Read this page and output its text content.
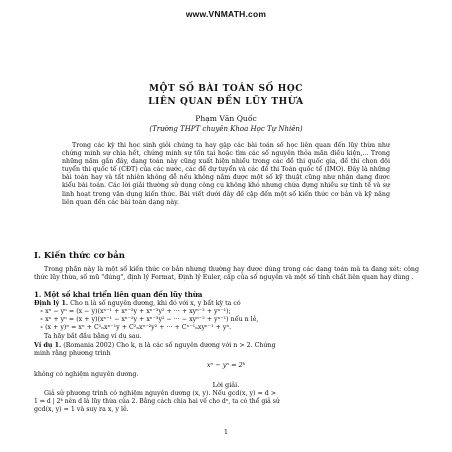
www.VNMATH.com
MỘT SỐ BÀI TOÁN SỐ HỌC
LIÊN QUAN ĐẾN LŨY THỪA
Phạm Văn Quốc
(Trường THPT chuyên Khoa Học Tự Nhiên)
Trong các kỳ thi học sinh giỏi chúng ta hay gặp các bài toán số học liên quan đến lũy thừa như chứng minh sự chia hết, chứng minh sự tồn tại hoặc tìm các số nguyên thỏa mãn điều kiện,... Trong những năm gần đây, dạng toán này cũng xuất hiện nhiều trong các đề thi quốc gia, đề thi chọn đội tuyển thi quốc tế (CĐT) của các nước, các đề dự tuyển và các đề thi Toán quốc tế (IMO). Đây là những bài toán hay và tất nhiên không dễ nếu không nắm được một số kỹ thuật cũng như nhận dạng được kiểu bài toán. Các lời giải thường sử dụng công cụ không khó nhưng chứa đựng nhiều sự tinh tế và sự linh hoạt trong vận dụng kiến thức. Bài viết dưới đây đề cập đến một số kiến thức cơ bản và kỹ năng liên quan đến các bài toán dạng này.
I. Kiến thức cơ bản
Trong phần này là một số kiến thức cơ bản nhưng thường hay được dùng trong các dạng toán mà ta đang xét: công thức lũy thừa, số mũ "đúng", định lý Fermat, Định lý Euler, cấp của số nguyên và một số tính chất liên quan hay dùng .
1. Một số khai triển liên quan đến lũy thừa
Định lý 1. Cho n là số nguyên dương, khi đó với x, y bất kỳ ta có
∘ xⁿ − yⁿ = (x − y)(xⁿ⁻¹ + xⁿ⁻²y + xⁿ⁻³y² + ··· + xyⁿ⁻² + yⁿ⁻¹);
∘ xⁿ + yⁿ = (x + y)(xⁿ⁻¹ − xⁿ⁻²y + xⁿ⁻³y² − ··· − xyⁿ⁻² + yⁿ⁻¹) nếu n lẻ,
∘ (x + y)ⁿ = xⁿ + C¹ₙxⁿ⁻¹y + C²ₙxⁿ⁻²y² + ··· + Cⁿ⁻¹ₙxyⁿ⁻¹ + yⁿ.
Ta hãy bắt đầu bằng ví dụ sau.
Ví dụ 1. (Romania 2002) Cho k, n là các số nguyên dương với n > 2. Chứng
minh rằng phương trình
xⁿ − yⁿ = 2ᵏ
không có nghiệm nguyên dương.
Lời giải.
Giả sử phương trình có nghiệm nguyên dương (x, y). Nếu gcd(x, y) = d >
1 ⇒ d | 2ᵏ nên d là lũy thừa của 2. Bằng cách chia hai vế cho dⁿ, ta có thể giả sử
gcd(x, y) = 1 và suy ra x, y lẻ.
1
